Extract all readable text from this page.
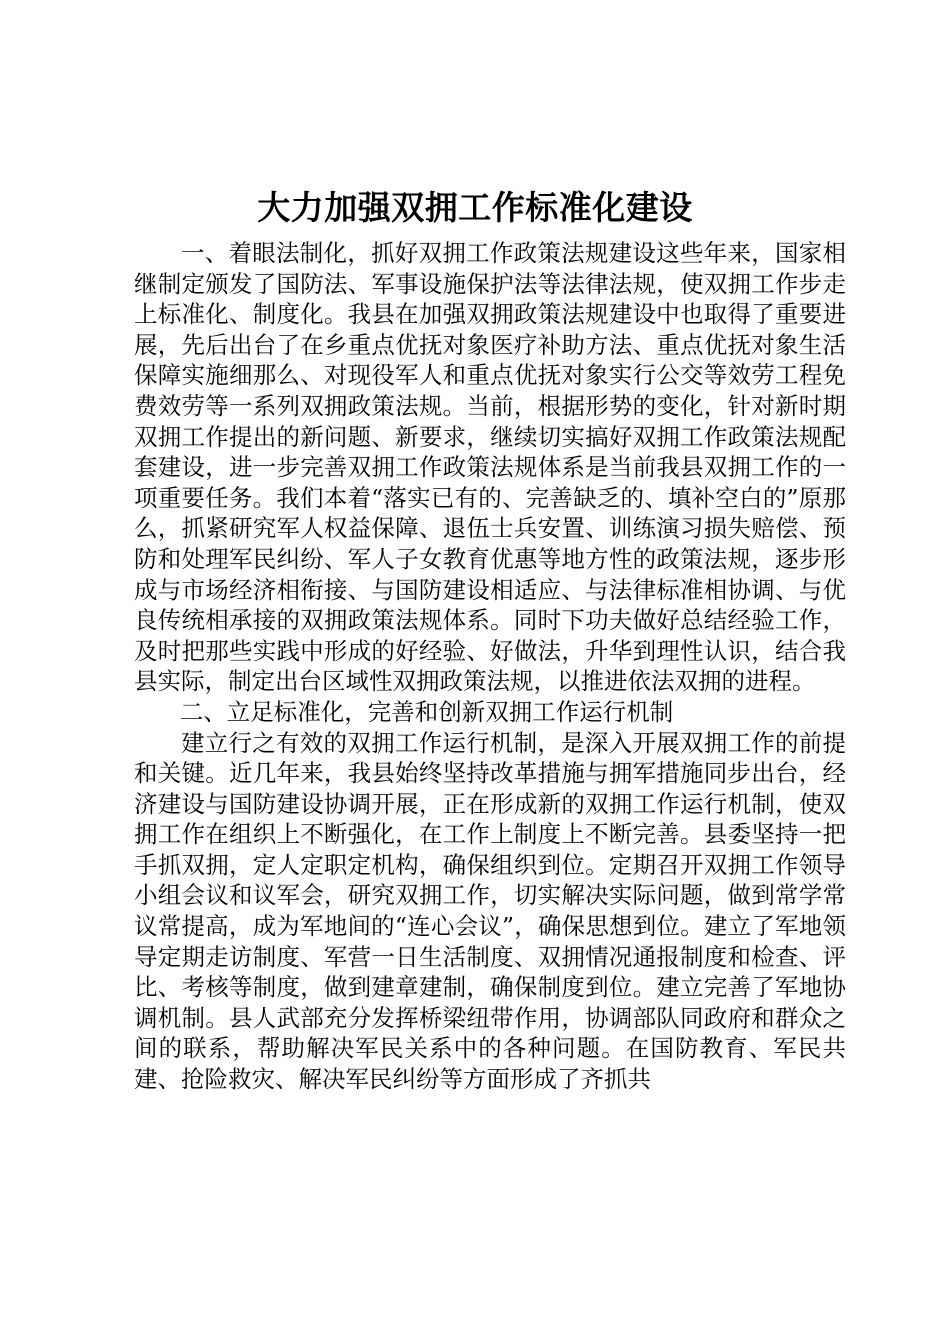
大力加强双拥工作标准化建设

一、着眼法制化，抓好双拥工作政策法规建设这些年来，国家相继制定颁发了国防法、军事设施保护法等法律法规，使双拥工作步走上标准化、制度化。我县在加强双拥政策法规建设中也取得了重要进展，先后出台了在乡重点优抚对象医疗补助方法、重点优抚对象生活保障实施细那么、对现役军人和重点优抚对象实行公交等效劳工程免费效劳等一系列双拥政策法规。当前，根据形势的变化，针对新时期双拥工作提出的新问题、新要求，继续切实搞好双拥工作政策法规配套建设，进一步完善双拥工作政策法规体系是当前我县双拥工作的一项重要任务。我们本着“落实已有的、完善缺乏的、填补空白的”原那么，抓紧研究军人权益保障、退伍士兵安置、训练演习损失赔偿、预防和处理军民纠纷、军人子女教育优惠等地方性的政策法规，逐步形成与市场经济相衔接、与国防建设相适应、与法律标准相协调、与优良传统相承接的双拥政策法规体系。同时下功夫做好总结经验工作，及时把那些实践中形成的好经验、好做法，升华到理性认识，结合我县实际，制定出台区域性双拥政策法规，以推进依法双拥的进程。

二、立足标准化，完善和创新双拥工作运行机制

建立行之有效的双拥工作运行机制，是深入开展双拥工作的前提和关键。近几年来，我县始终坚持改革措施与拥军措施同步出台，经济建设与国防建设协调开展，正在形成新的双拥工作运行机制，使双拥工作在组织上不断强化，在工作上制度上不断完善。县委坚持一把手抓双拥，定人定职定机构，确保组织到位。定期召开双拥工作领导小组会议和议军会，研究双拥工作，切实解决实际问题，做到常学常议常提高，成为军地间的“连心会议”，确保思想到位。建立了军地领导定期走访制度、军营一日生活制度、双拥情况通报制度和检查、评比、考核等制度，做到建章建制，确保制度到位。建立完善了军地协调机制。县人武部充分发挥桥梁纽带作用，协调部队同政府和群众之间的联系，帮助解决军民关系中的各种问题。在国防教育、军民共建、抢险救灾、解决军民纠纷等方面形成了齐抓共
